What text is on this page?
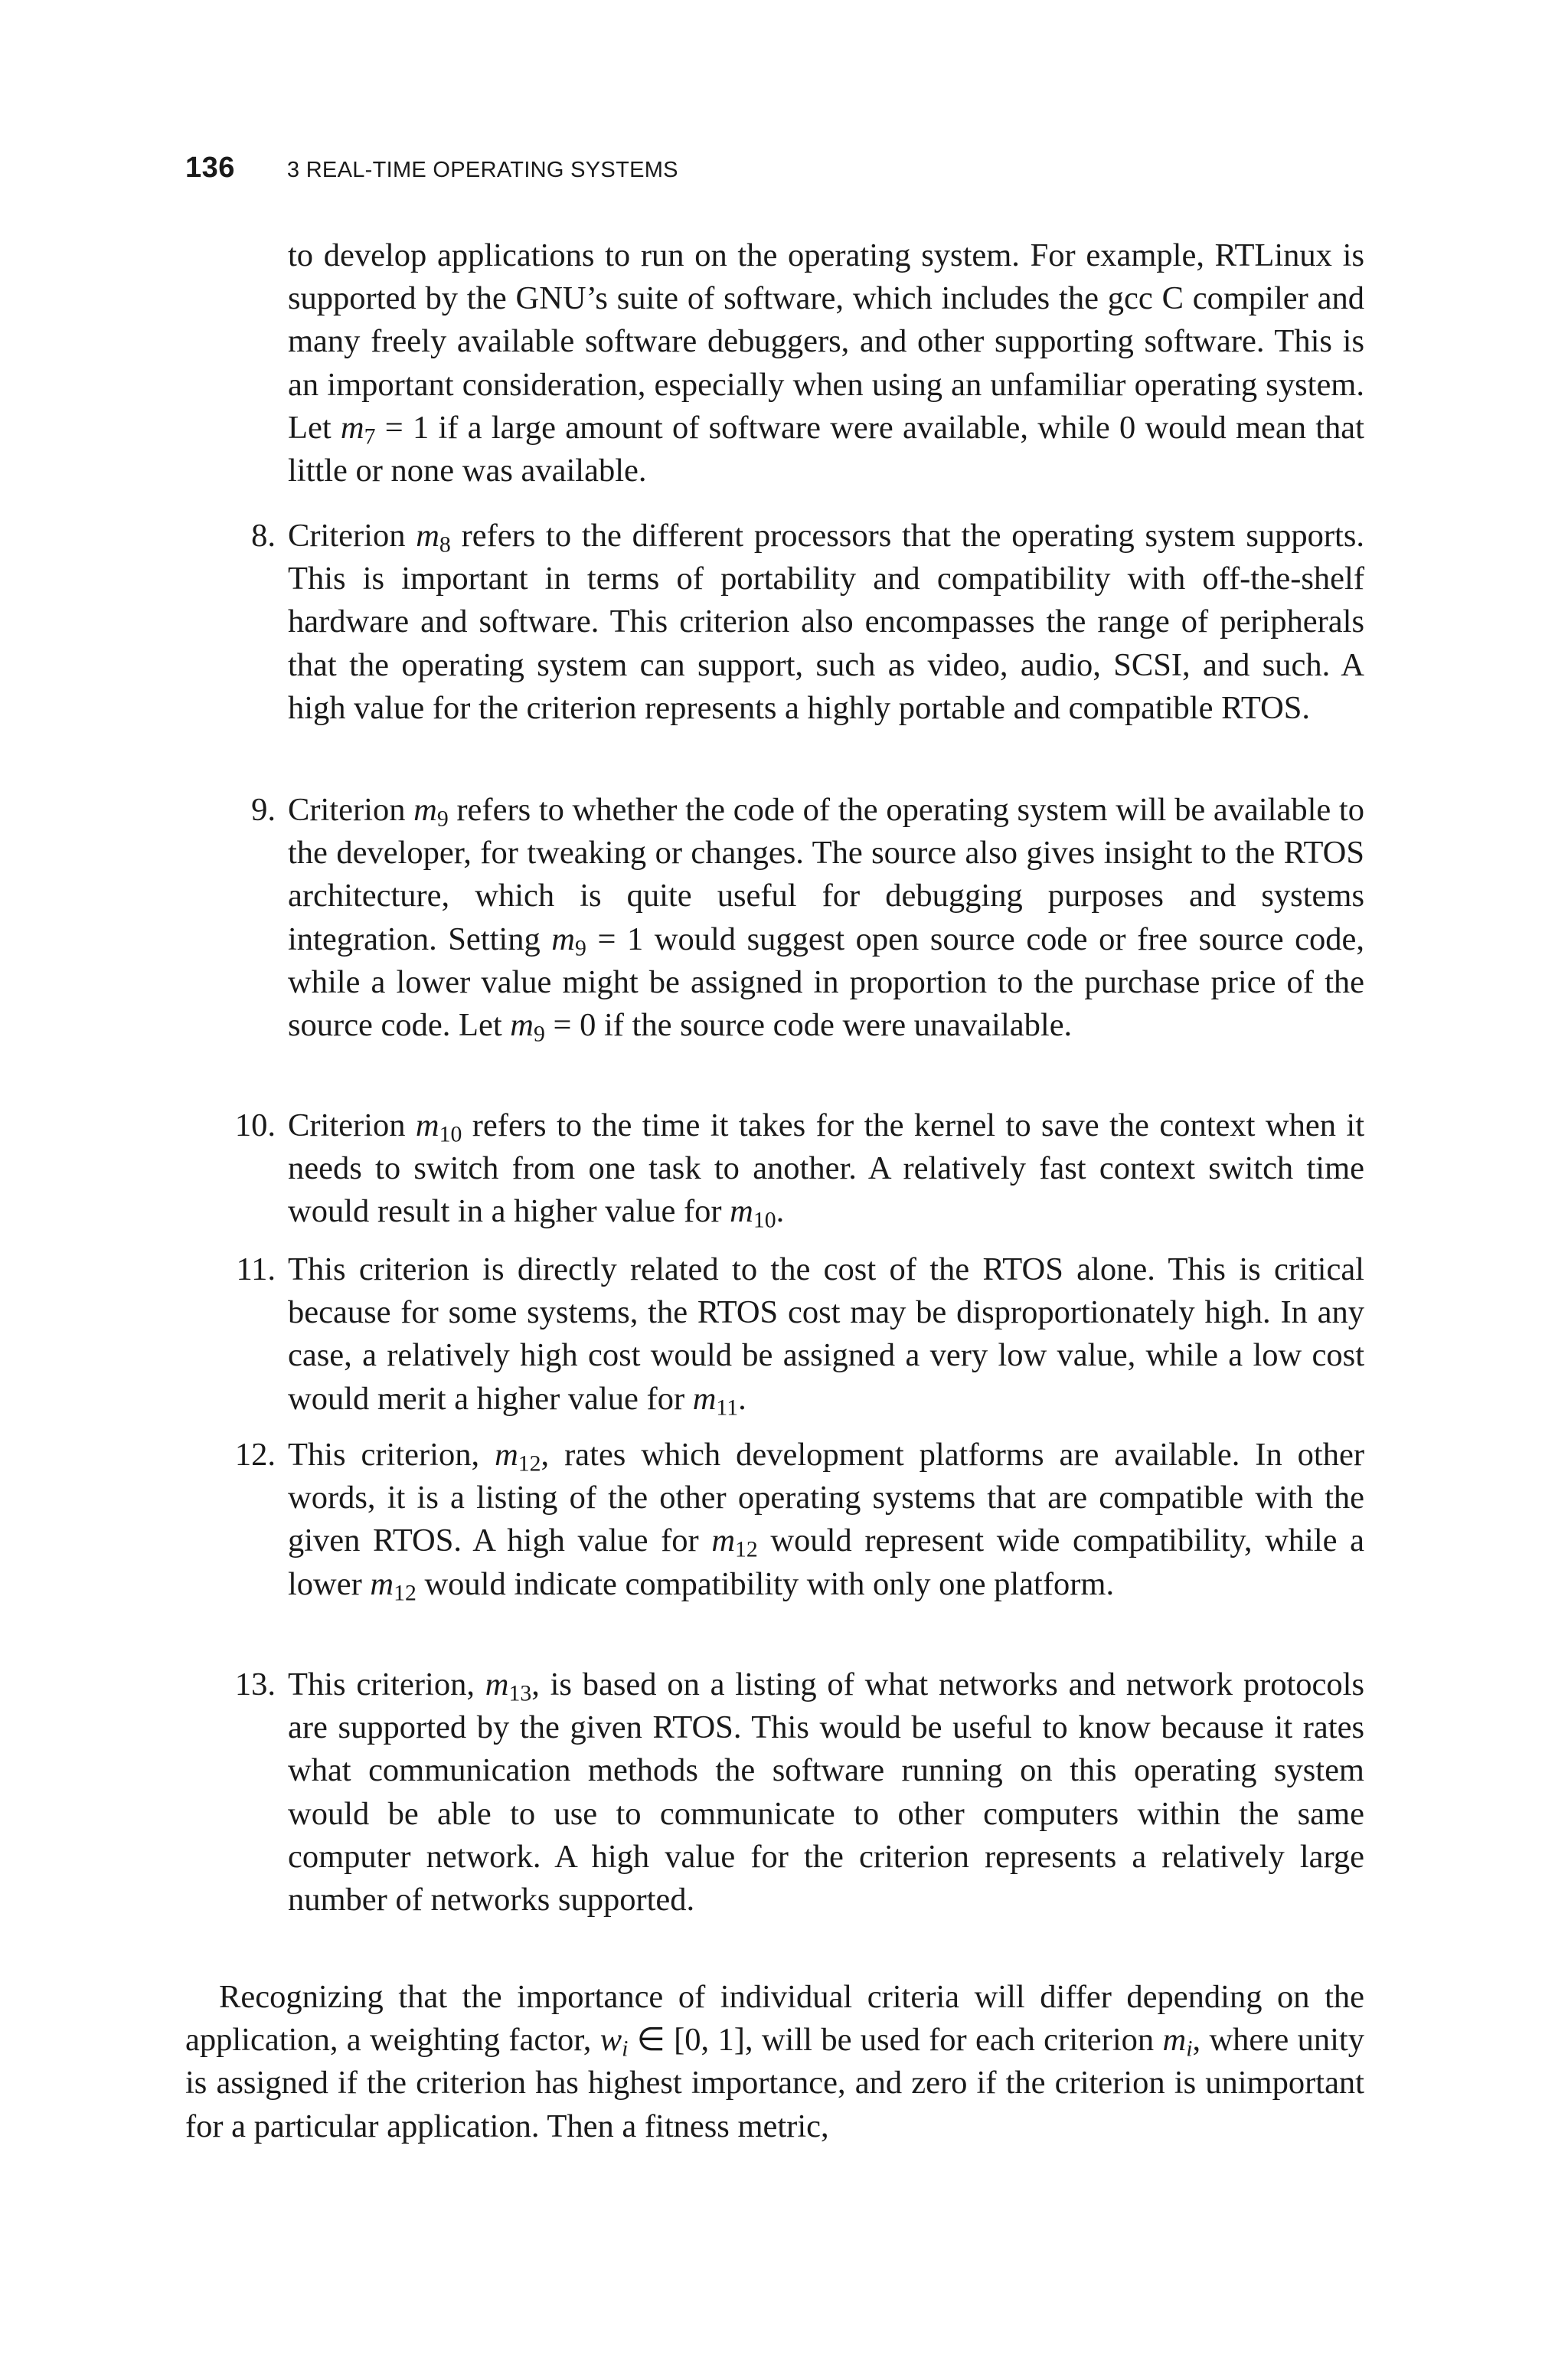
136 3 REAL-TIME OPERATING SYSTEMS

to develop applications to run on the operating system. For example, RTLinux is supported by the GNU’s suite of software, which includes the gcc C compiler and many freely available software debuggers, and other supporting software. This is an important consideration, especially when using an unfamiliar operating system. Let $m_7 = 1$ if a large amount of software were available, while 0 would mean that little or none was available.

8. Criterion $m_8$ refers to the different processors that the operating system supports. This is important in terms of portability and compatibility with off-the-shelf hardware and software. This criterion also encompasses the range of peripherals that the operating system can support, such as video, audio, SCSI, and such. A high value for the criterion represents a highly portable and compatible RTOS.

9. Criterion $m_9$ refers to whether the code of the operating system will be available to the developer, for tweaking or changes. The source also gives insight to the RTOS architecture, which is quite useful for debugging purposes and systems integration. Setting $m_9 = 1$ would suggest open source code or free source code, while a lower value might be assigned in proportion to the purchase price of the source code. Let $m_9 = 0$ if the source code were unavailable.

10. Criterion $m_{10}$ refers to the time it takes for the kernel to save the context when it needs to switch from one task to another. A relatively fast context switch time would result in a higher value for $m_{10}$.

11. This criterion is directly related to the cost of the RTOS alone. This is critical because for some systems, the RTOS cost may be disproportionately high. In any case, a relatively high cost would be assigned a very low value, while a low cost would merit a higher value for $m_{11}$.

12. This criterion, $m_{12}$, rates which development platforms are available. In other words, it is a listing of the other operating systems that are compatible with the given RTOS. A high value for $m_{12}$ would represent wide compatibility, while a lower $m_{12}$ would indicate compatibility with only one platform.

13. This criterion, $m_{13}$, is based on a listing of what networks and network protocols are supported by the given RTOS. This would be useful to know because it rates what communication methods the software running on this operating system would be able to use to communicate to other computers within the same computer network. A high value for the criterion represents a relatively large number of networks supported.

Recognizing that the importance of individual criteria will differ depending on the application, a weighting factor, $w_i$ ∈ [0, 1], will be used for each criterion $m_i$, where unity is assigned if the criterion has highest importance, and zero if the criterion is unimportant for a particular application. Then a fitness metric,
